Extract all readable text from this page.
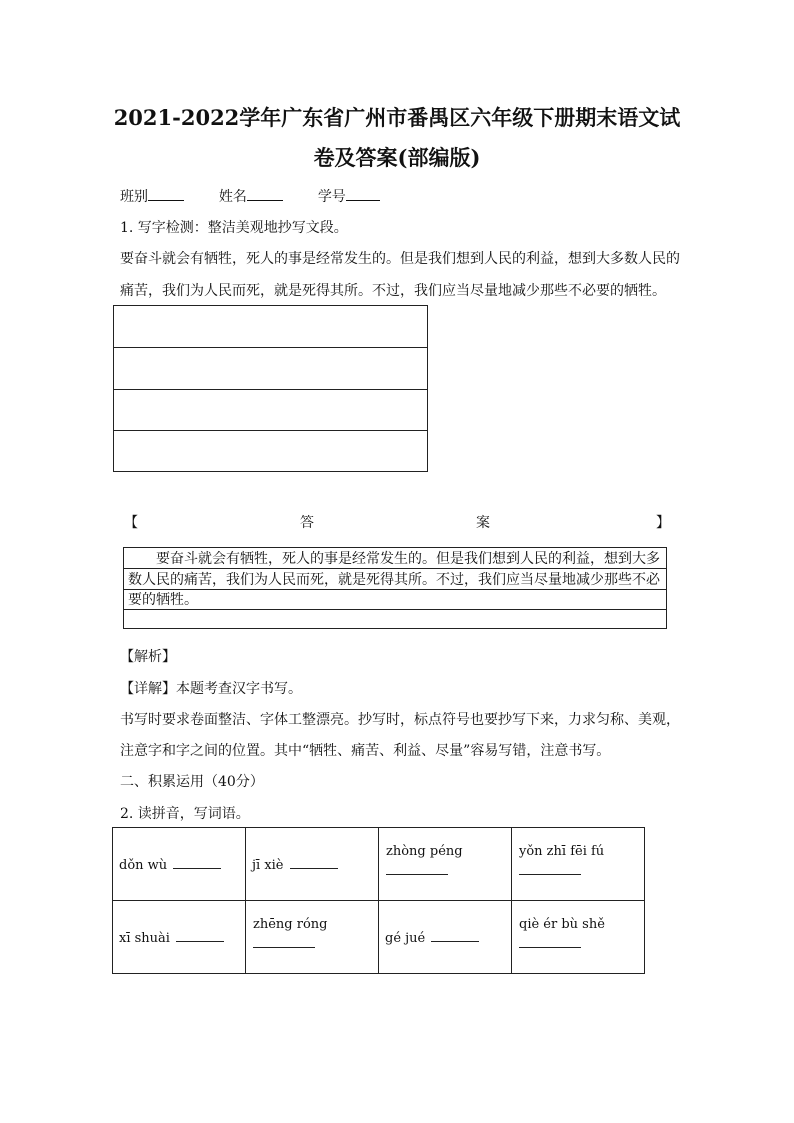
2021-2022学年广东省广州市番禺区六年级下册期末语文试
卷及答案(部编版)
班别	姓名	学号
1. 写字检测：整洁美观地抄写文段。
要奋斗就会有牺牲，死人的事是经常发生的。但是我们想到人民的利益，想到大多数人民的
痛苦，我们为人民而死，就是死得其所。不过，我们应当尽量地减少那些不必要的牺牲。
【	答	案	】
　　要奋斗就会有牺牲，死人的事是经常发生的。但是我们想到人民的利益，想到大多数人民的痛苦，我们为人民而死，就是死得其所。不过，我们应当尽量地减少那些不必要的牺牲。
【解析】
【详解】本题考查汉字书写。
书写时要求卷面整洁、字体工整漂亮。抄写时，标点符号也要抄写下来，力求匀称、美观，
注意字和字之间的位置。其中“牺牲、痛苦、利益、尽量”容易写错，注意书写。
二、积累运用（40分）
2. 读拼音，写词语。
dǒn wù	jī xiè	zhòng péng	yǒn zhī fēi fú

xī shuài	zhēng róng	gé jué	qiè ér bù shě
